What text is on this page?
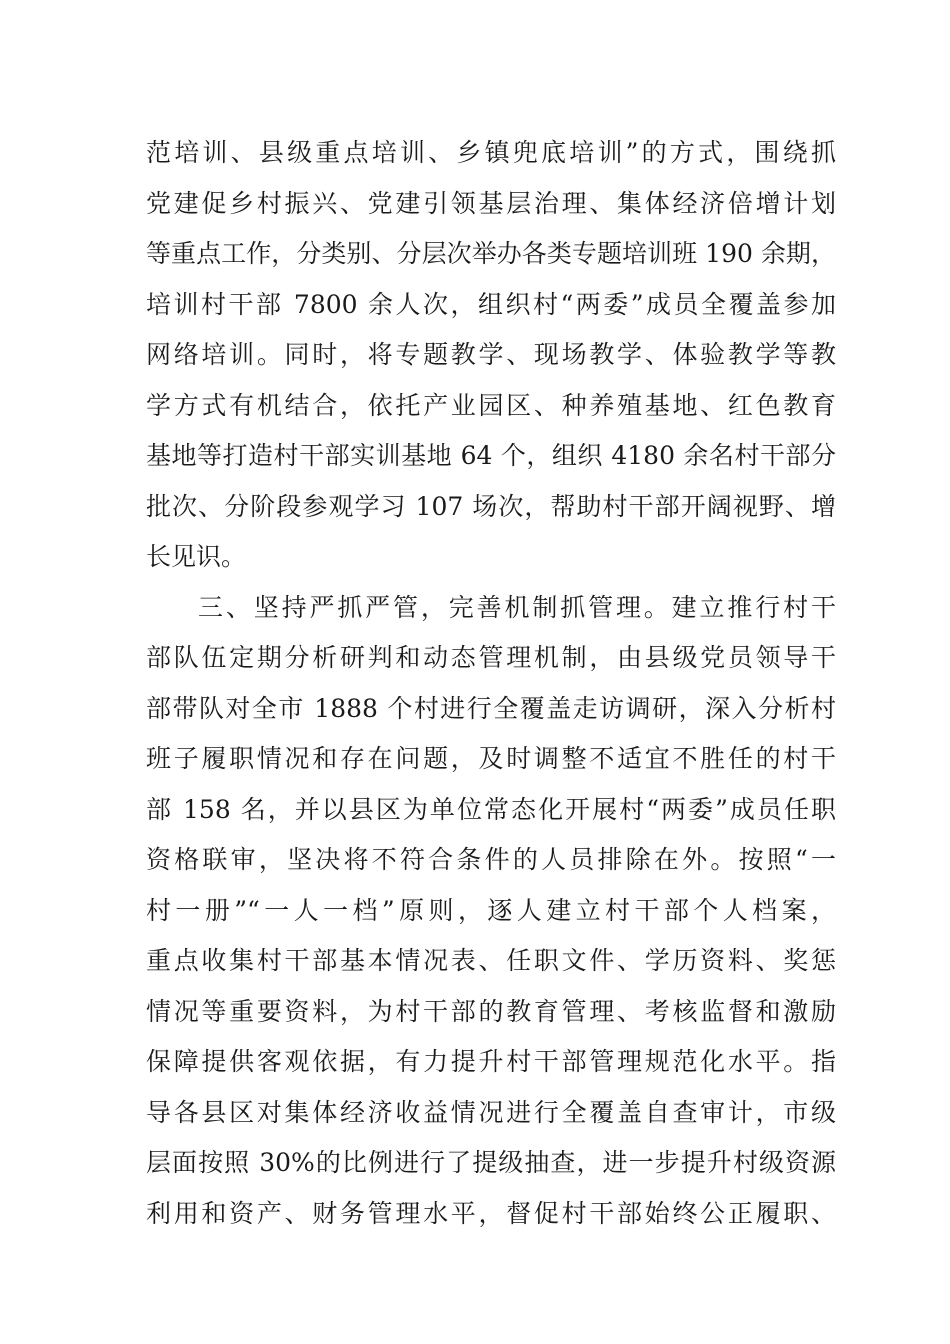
范培训、县级重点培训、乡镇兜底培训”的方式，围绕抓
党建促乡村振兴、党建引领基层治理、集体经济倍增计划
等重点工作，分类别、分层次举办各类专题培训班 190 余期，
培训村干部 7800 余人次，组织村“两委”成员全覆盖参加
网络培训。同时，将专题教学、现场教学、体验教学等教
学方式有机结合，依托产业园区、种养殖基地、红色教育
基地等打造村干部实训基地 64 个，组织 4180 余名村干部分
批次、分阶段参观学习 107 场次，帮助村干部开阔视野、增
长见识。
三、坚持严抓严管，完善机制抓管理。建立推行村干
部队伍定期分析研判和动态管理机制，由县级党员领导干
部带队对全市 1888 个村进行全覆盖走访调研，深入分析村
班子履职情况和存在问题，及时调整不适宜不胜任的村干
部 158 名，并以县区为单位常态化开展村“两委”成员任职
资格联审，坚决将不符合条件的人员排除在外。按照“一
村一册”“一人一档”原则，逐人建立村干部个人档案，
重点收集村干部基本情况表、任职文件、学历资料、奖惩
情况等重要资料，为村干部的教育管理、考核监督和激励
保障提供客观依据，有力提升村干部管理规范化水平。指
导各县区对集体经济收益情况进行全覆盖自查审计，市级
层面按照 30%的比例进行了提级抽查，进一步提升村级资源
利用和资产、财务管理水平，督促村干部始终公正履职、
